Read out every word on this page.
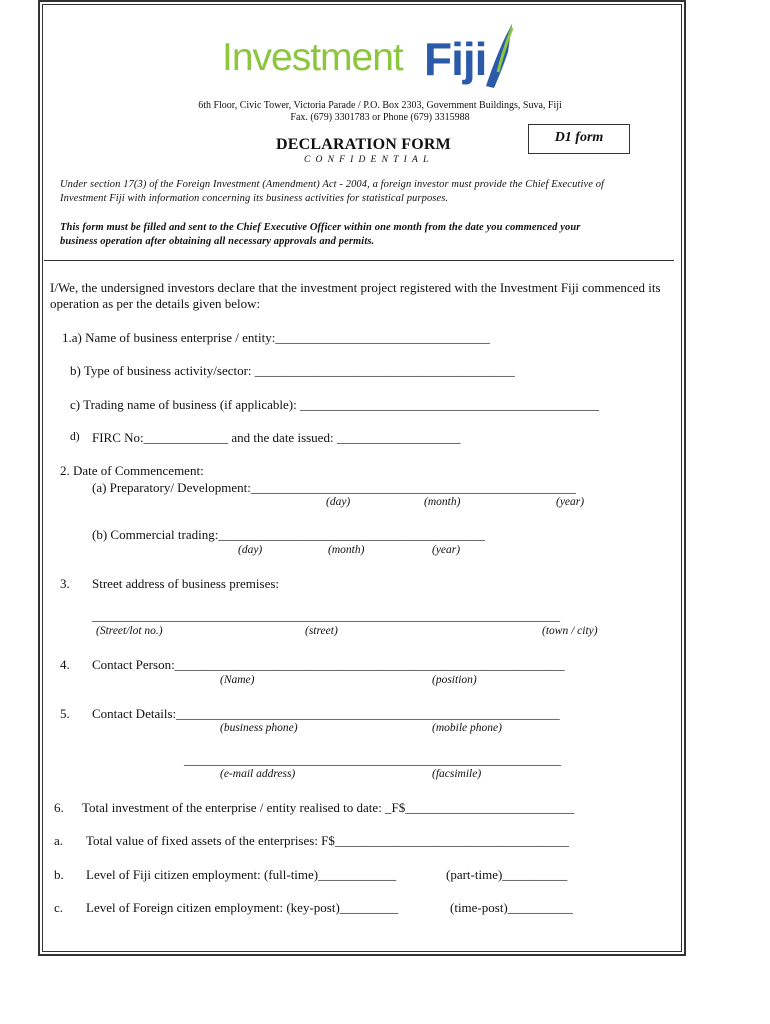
Investment Fiji
6th Floor, Civic Tower, Victoria Parade / P.O. Box 2303, Government Buildings, Suva, Fiji
Fax. (679) 3301783 or Phone (679) 3315988
DECLARATION FORM
CONFIDENTIAL
D1 form
Under section 17(3) of the Foreign Investment (Amendment) Act - 2004, a foreign investor must provide the Chief Executive of
Investment Fiji with information concerning its business activities for statistical purposes.
This form must be filled and sent to the Chief Executive Officer within one month from the date you commenced your
business operation after obtaining all necessary approvals and permits.
I/We, the undersigned investors declare that the investment project registered with the Investment Fiji commenced its
operation as per the details given below:
1.a) Name of business enterprise / entity:_________________________________
b) Type of business activity/sector: ________________________________________
c) Trading name of business (if applicable): ______________________________________________
d) FIRC No:_____________ and the date issued: ___________________
2. Date of Commencement:
(a) Preparatory/ Development:__________________________________________________
(day)	(month)	(year)
(b) Commercial trading:_________________________________________
(day)	(month)	(year)
3. Street address of business premises:
________________________________________________________________________
(Street/lot no.)	(street)	(town / city)
4. Contact Person:____________________________________________________________
(Name)	(position)
5. Contact Details:___________________________________________________________
(business phone)	(mobile phone)
__________________________________________________________
(e-mail address)	(facsimile)
6. Total investment of the enterprise / entity realised to date: _F$__________________________
a. Total value of fixed assets of the enterprises: F$____________________________________
b. Level of Fiji citizen employment: (full-time)____________	(part-time)__________
c. Level of Foreign citizen employment: (key-post)_________	(time-post)__________
